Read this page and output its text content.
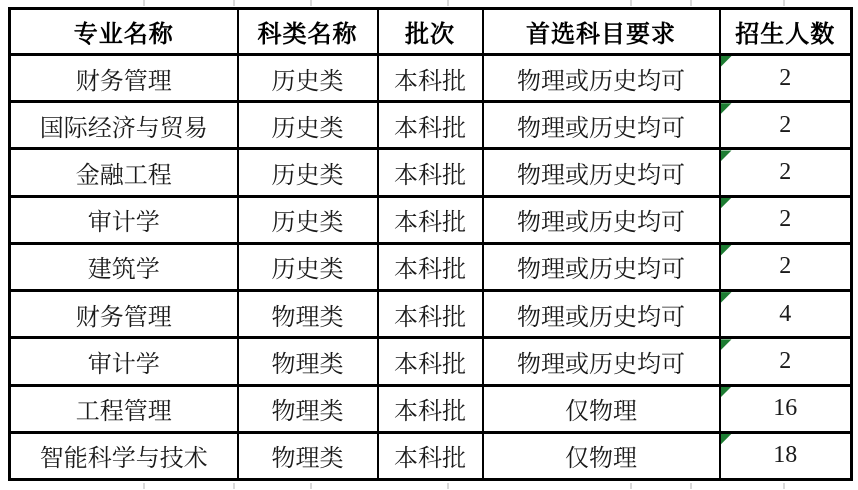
专业名称	科类名称	批次	首选科目要求	招生人数
财务管理	历史类	本科批	物理或历史均可	2
国际经济与贸易	历史类	本科批	物理或历史均可	2
金融工程	历史类	本科批	物理或历史均可	2
审计学	历史类	本科批	物理或历史均可	2
建筑学	历史类	本科批	物理或历史均可	2
财务管理	物理类	本科批	物理或历史均可	4
审计学	物理类	本科批	物理或历史均可	2
工程管理	物理类	本科批	仅物理	16
智能科学与技术	物理类	本科批	仅物理	18
